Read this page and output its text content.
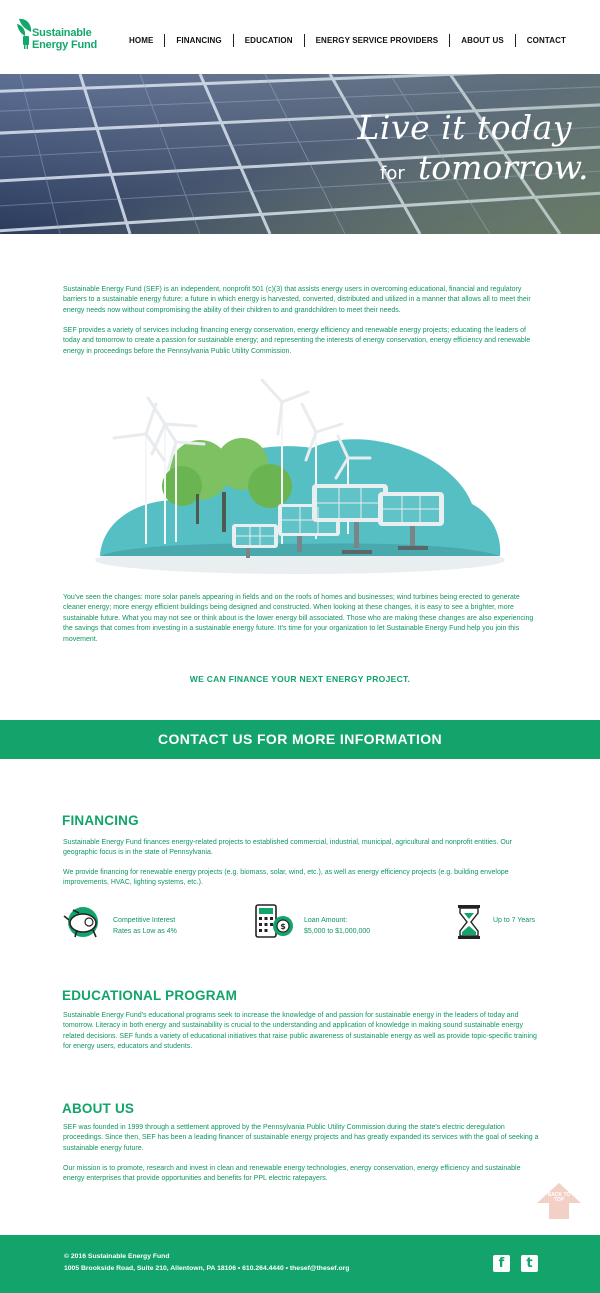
Sustainable
Energy Fund	HOME	FINANCING	EDUCATION	ENERGY SERVICE PROVIDERS	ABOUT US	CONTACT
Live it today
for tomorrow.

Sustainable Energy Fund (SEF) is an independent, nonprofit 501 (c)(3) that assists energy users in overcoming educational, financial and regulatory barriers to a sustainable energy future: a future in which energy is harvested, converted, distributed and utilized in a manner that allows all to meet their energy needs now without compromising the ability of their children to and grandchildren to meet their needs.

SEF provides a variety of services including financing energy conservation, energy efficiency and renewable energy projects; educating the leaders of today and tomorrow to create a passion for sustainable energy; and representing the interests of energy conservation, energy efficiency and renewable energy in proceedings before the Pennsylvania Public Utility Commission.

You've seen the changes: more solar panels appearing in fields and on the roofs of homes and businesses; wind turbines being erected to generate cleaner energy; more energy efficient buildings being designed and constructed. When looking at these changes, it is easy to see a brighter, more sustainable future. What you may not see or think about is the lower energy bill associated. Those who are making these changes are also experiencing the savings that comes from investing in a sustainable energy future. It's time for your organization to let Sustainable Energy Fund help you join this movement.

WE CAN FINANCE YOUR NEXT ENERGY PROJECT.
CONTACT US FOR MORE INFORMATION
FINANCING

Sustainable Energy Fund finances energy-related projects to established commercial, industrial, municipal, agricultural and nonprofit entities. Our geographic focus is in the state of Pennsylvania.

We provide financing for renewable energy projects (e.g. biomass, solar, wind, etc.), as well as energy efficiency projects (e.g. building envelope improvements, HVAC, lighting systems, etc.).

Competitive Interest
Rates as Low as 4%	$
Loan Amount:
$5,000 to $1,000,000
Up to 7 Years
EDUCATIONAL PROGRAM

Sustainable Energy Fund's educational programs seek to increase the knowledge of and passion for sustainable energy in the leaders of today and tomorrow. Literacy in both energy and sustainability is crucial to the understanding and application of knowledge in making sound sustainable energy related decisions. SEF funds a variety of educational initiatives that raise public awareness of sustainable energy as well as provide topic-specific training for energy users, educators and students.

ABOUT US

SEF was founded in 1999 through a settlement approved by the Pennsylvania Public Utility Commission during the state's electric deregulation proceedings. Since then, SEF has been a leading financer of sustainable energy projects and has greatly expanded its services with the goal of seeking a sustainable energy future.

Our mission is to promote, research and invest in clean and renewable energy technologies, energy conservation, energy efficiency and sustainable energy enterprises that provide opportunities and benefits for PPL electric ratepayers.

BACK TO TOP
© 2016 Sustainable Energy Fund
1005 Brookside Road, Suite 210, Allentown, PA 18106 • 610.264.4440 • thesef@thesef.org	f	t
